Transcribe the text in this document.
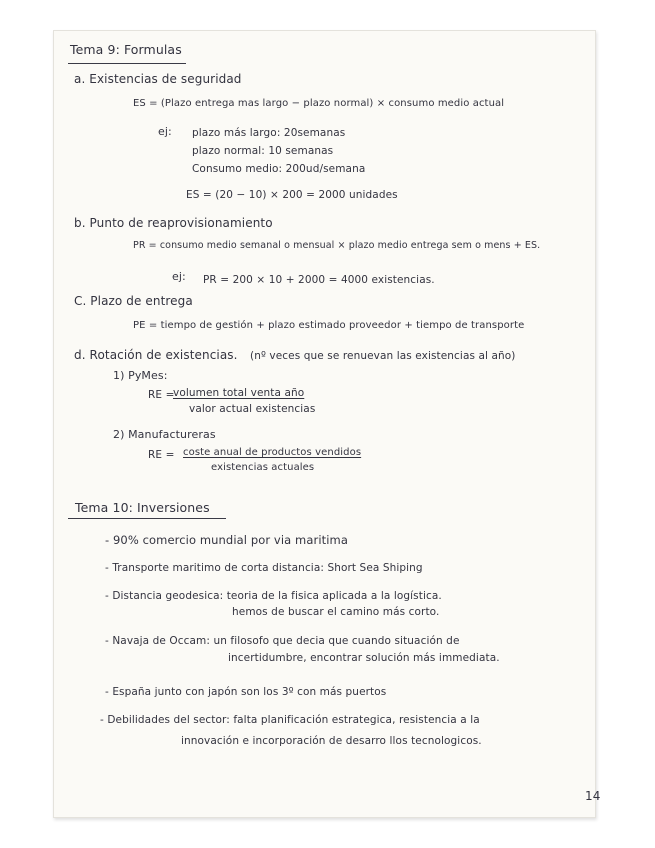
Tema 9: Formulas
a. Existencias de seguridad
ES = (Plazo entrega mas largo − plazo normal) × consumo medio actual
ej: plazo más largo: 20semanas
plazo normal: 10 semanas
Consumo medio: 200ud/semana
ES = (20 − 10) × 200 = 2000 unidades
b. Punto de reaprovisionamiento
PR = consumo medio semanal o mensual × plazo medio entrega sem o mens + ES.
ej: PR = 200 × 10 + 2000 = 4000 existencias.
C. Plazo de entrega
PE = tiempo de gestión + plazo estimado proveedor + tiempo de transporte
d. Rotación de existencias. (nº veces que se renuevan las existencias al año)
1) PyMes:
RE =
volumen total venta año
valor actual existencias
2) Manufactureras
RE = coste anual de productos vendidos
existencias actuales
Tema 10: Inversiones
- 90% comercio mundial por via maritima
- Transporte maritimo de corta distancia: Short Sea Shiping
- Distancia geodesica: teoria de la fisica aplicada a la logística.
hemos de buscar el camino más corto.
- Navaja de Occam: un filosofo que decia que cuando situación de
incertidumbre, encontrar solución más immediata.
- España junto con japón son los 3º con más puertos
- Debilidades del sector: falta planificación estrategica, resistencia a la
innovación e incorporación de desarro llos tecnologicos.
14
